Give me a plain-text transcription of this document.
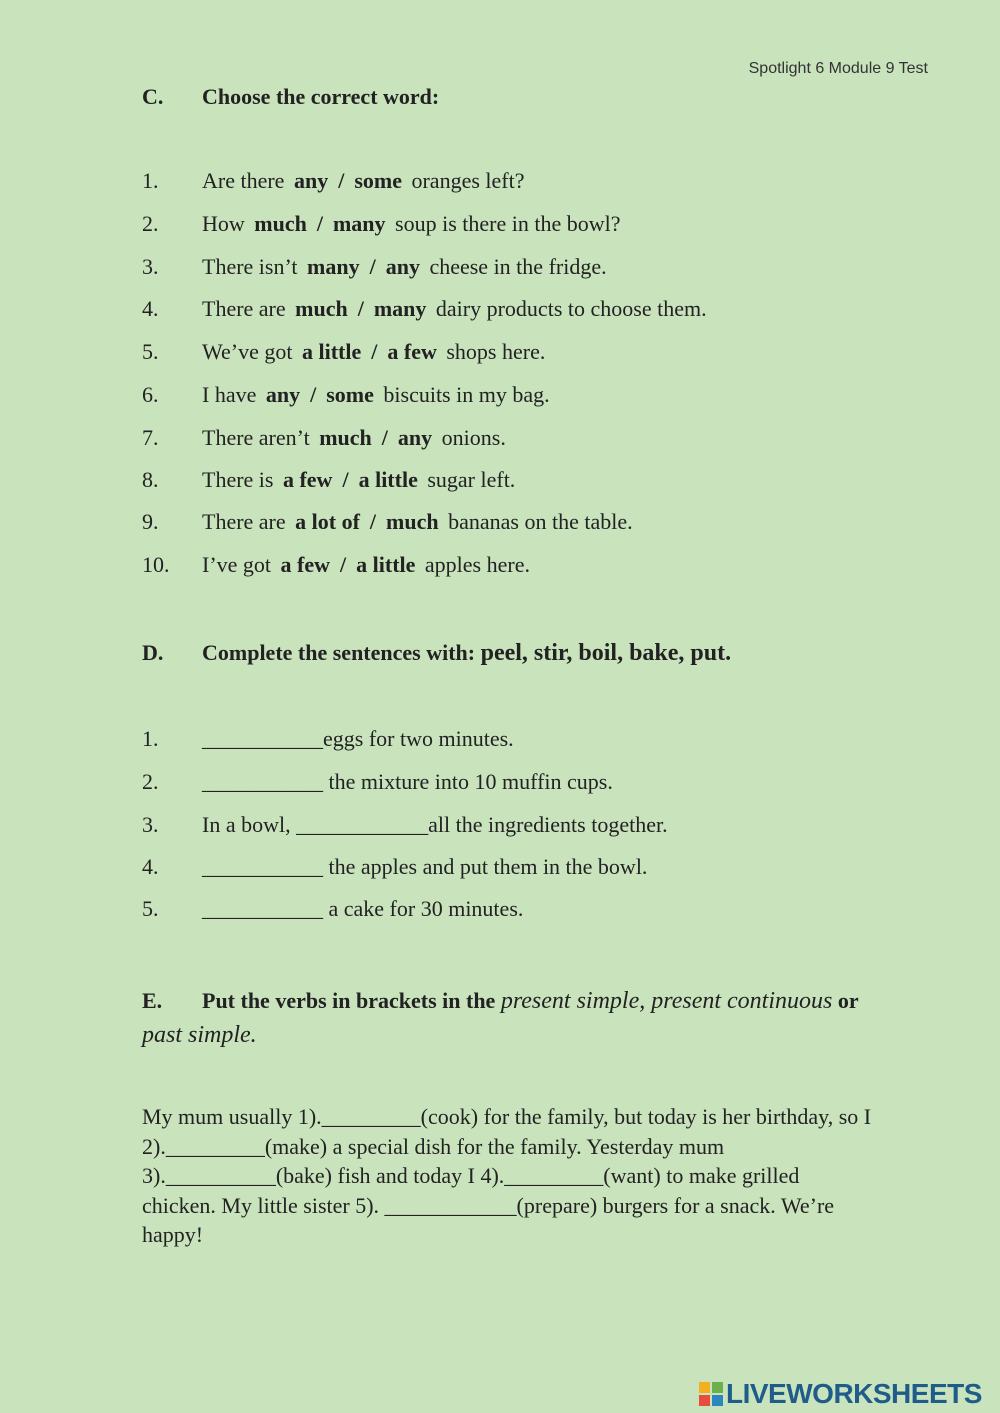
Spotlight 6 Module 9 Test
C. Choose the correct word:
1. Are there any / some oranges left?
2. How much / many soup is there in the bowl?
3. There isn’t many / any cheese in the fridge.
4. There are much / many dairy products to choose them.
5. We’ve got a little / a few shops here.
6. I have any / some biscuits in my bag.
7. There aren’t much / any onions.
8. There is a few / a little sugar left.
9. There are a lot of / much bananas on the table.
10. I’ve got a few / a little apples here.
D. Complete the sentences with: peel, stir, boil, bake, put.
1. ___________eggs for two minutes.
2. ___________ the mixture into 10 muffin cups.
3. In a bowl, ____________all the ingredients together.
4. ___________ the apples and put them in the bowl.
5. ___________ a cake for 30 minutes.
E. Put the verbs in brackets in the present simple, present continuous or
past simple.
My mum usually 1)._________(cook) for the family, but today is her birthday, so I
2)._________(make) a special dish for the family. Yesterday mum
3).__________(bake) fish and today I 4)._________(want) to make grilled
chicken. My little sister 5). ____________(prepare) burgers for a snack. We’re
happy!
LIVEWORKSHEETS
